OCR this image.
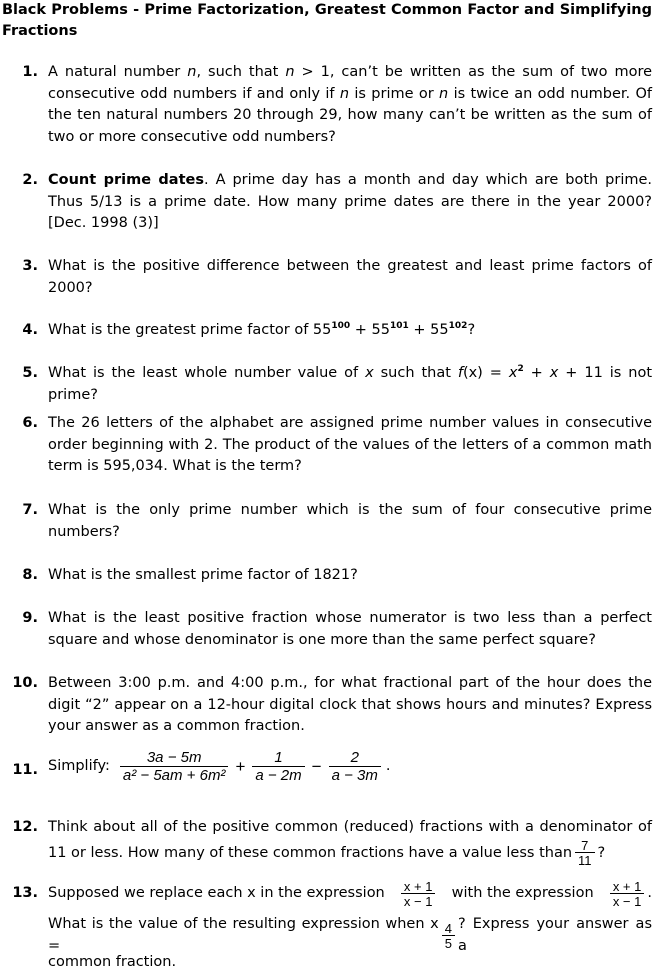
Black Problems - Prime Factorization, Greatest Common Factor and Simplifying Fractions
1. A natural number n, such that n > 1, can’t be written as the sum of two more consecutive odd numbers if and only if n is prime or n is twice an odd number. Of the ten natural numbers 20 through 29, how many can’t be written as the sum of two or more consecutive odd numbers?
2. Count prime dates. A prime day has a month and day which are both prime. Thus 5/13 is a prime date. How many prime dates are there in the year 2000? [Dec. 1998 (3)]
3. What is the positive difference between the greatest and least prime factors of 2000?
4. What is the greatest prime factor of $55^{100} + 55^{101} + 55^{102}$?
5. What is the least whole number value of x such that $f(x) = x^2 + x + 11$ is not prime?
6. The 26 letters of the alphabet are assigned prime number values in consecutive order beginning with 2. The product of the values of the letters of a common math term is 595,034. What is the term?
7. What is the only prime number which is the sum of four consecutive prime numbers?
8. What is the smallest prime factor of 1821?
9. What is the least positive fraction whose numerator is two less than a perfect square and whose denominator is one more than the same perfect square?
10. Between 3:00 p.m. and 4:00 p.m., for what fractional part of the hour does the digit “2” appear on a 12-hour digital clock that shows hours and minutes? Express your answer as a common fraction.
11. Simplify: $\frac{3a - 5m}{\text{a² − 5am + 6m²}} + \frac{1}{a - 2m} - \frac{2}{a - 3m}$ .
12. Think about all of the positive common (reduced) fractions with a denominator of 11 or less. How many of these common fractions have a value less than $\frac{7}{11}$ ?
13. Supposed we replace each x in the expression $\frac{x + 1}{x - 1}$ with the expression $\frac{x + 1}{x - 1}$ .
What is the value of the resulting expression when x =	$\frac{4}{5}$ ? Express your answer as a
common fraction.
